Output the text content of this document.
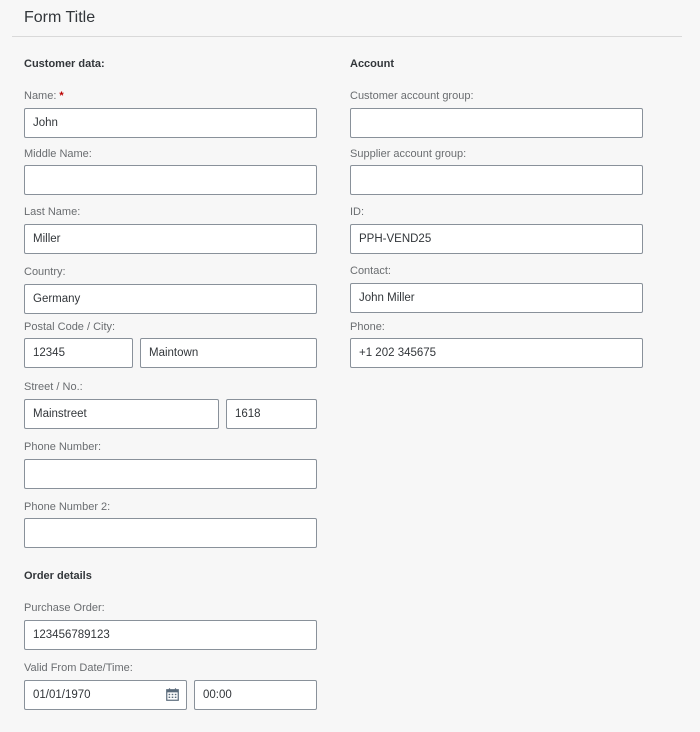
Form Title
Customer data:
Name: *
John
Middle Name:
Last Name:
Miller
Country:
Germany
Postal Code / City:
12345
Maintown
Street / No.:
Mainstreet
1618
Phone Number:
Phone Number 2:
Order details
Purchase Order:
123456789123
Valid From Date/Time:
01/01/1970
00:00
Account
Customer account group:
Supplier account group:
ID:
PPH-VEND25
Contact:
John Miller
Phone:
+1 202 345675
